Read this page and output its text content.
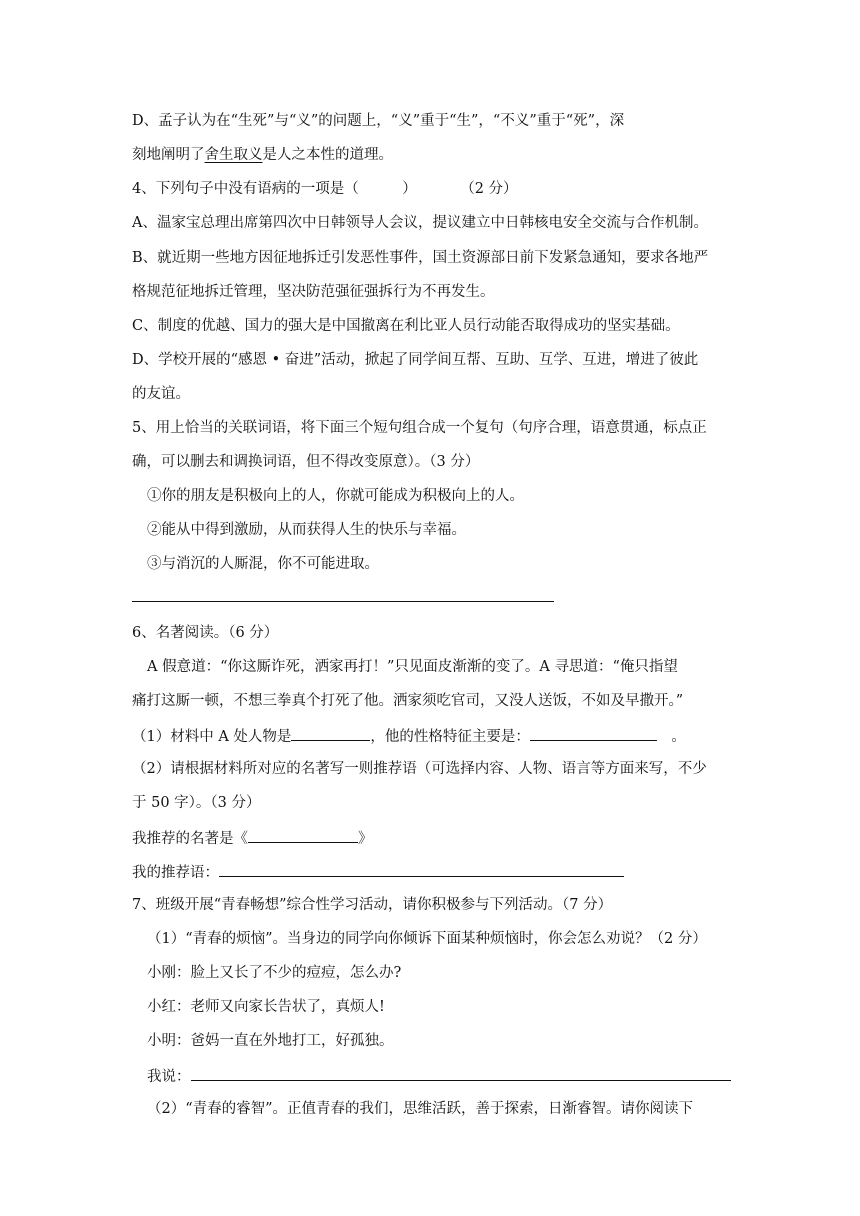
D、孟子认为在“生死”与“义”的问题上，“义”重于“生”，“不义”重于“死”，深
刻地阐明了舍生取义是人之本性的道理。
4、下列句子中没有语病的一项是（　　　）　　　　（2 分）
A、温家宝总理出席第四次中日韩领导人会议，提议建立中日韩核电安全交流与合作机制。
B、就近期一些地方因征地拆迁引发恶性事件，国土资源部日前下发紧急通知，要求各地严
格规范征地拆迁管理，坚决防范强征强拆行为不再发生。
C、制度的优越、国力的强大是中国撤离在利比亚人员行动能否取得成功的坚实基础。
D、学校开展的“感恩 • 奋进”活动，掀起了同学间互帮、互助、互学、互进，增进了彼此
的友谊。
5、用上恰当的关联词语，将下面三个短句组合成一个复句（句序合理，语意贯通，标点正
确，可以删去和调换词语，但不得改变原意）。（3 分）
①你的朋友是积极向上的人，你就可能成为积极向上的人。
②能从中得到激励，从而获得人生的快乐与幸福。
③与消沉的人厮混，你不可能进取。
6、名著阅读。（6 分）
A 假意道：“你这厮诈死，洒家再打！”只见面皮渐渐的变了。A 寻思道：“俺只指望
痛打这厮一顿，不想三拳真个打死了他。洒家须吃官司，又没人送饭，不如及早撒开。”
（1）材料中 A 处人物是	，他的性格特征主要是：	　。
（2）请根据材料所对应的名著写一则推荐语（可选择内容、人物、语言等方面来写，不少
于 50 字）。（3 分）
我推荐的名著是《	》
我的推荐语：
7、班级开展“青春畅想”综合性学习活动，请你积极参与下列活动。（7 分）
（1）“青春的烦恼”。当身边的同学向你倾诉下面某种烦恼时，你会怎么劝说？（2 分）
小刚：脸上又长了不少的痘痘，怎么办?
小红：老师又向家长告状了，真烦人!
小明：爸妈一直在外地打工，好孤独。
我说：
（2）“青春的睿智”。正值青春的我们，思维活跃，善于探索，日渐睿智。请你阅读下
